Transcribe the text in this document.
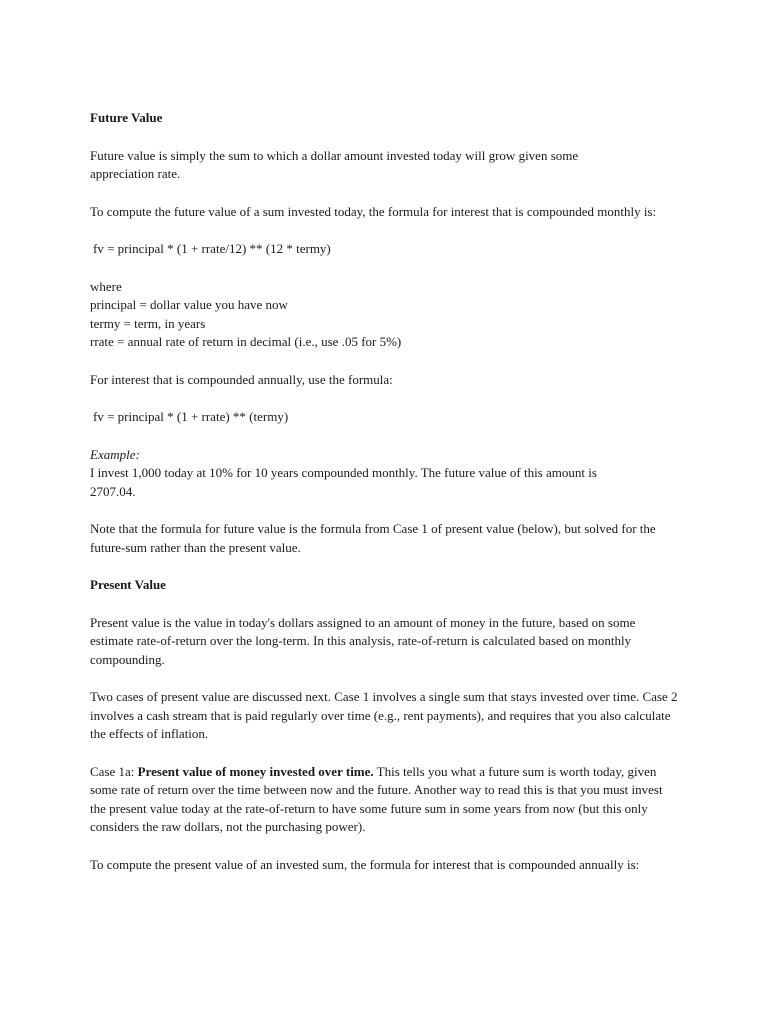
Future Value

Future value is simply the sum to which a dollar amount invested today will grow given some appreciation rate.

To compute the future value of a sum invested today, the formula for interest that is compounded monthly is:

fv = principal * (1 + rrate/12) ** (12 * termy)

where
principal = dollar value you have now
termy = term, in years
rrate = annual rate of return in decimal (i.e., use .05 for 5%)

For interest that is compounded annually, use the formula:

fv = principal * (1 + rrate) ** (termy)

Example:
I invest 1,000 today at 10% for 10 years compounded monthly. The future value of this amount is 2707.04.

Note that the formula for future value is the formula from Case 1 of present value (below), but solved for the future-sum rather than the present value.

Present Value

Present value is the value in today's dollars assigned to an amount of money in the future, based on some estimate rate-of-return over the long-term. In this analysis, rate-of-return is calculated based on monthly compounding.

Two cases of present value are discussed next. Case 1 involves a single sum that stays invested over time. Case 2 involves a cash stream that is paid regularly over time (e.g., rent payments), and requires that you also calculate the effects of inflation.

Case 1a: Present value of money invested over time. This tells you what a future sum is worth today, given some rate of return over the time between now and the future. Another way to read this is that you must invest the present value today at the rate-of-return to have some future sum in some years from now (but this only considers the raw dollars, not the purchasing power).

To compute the present value of an invested sum, the formula for interest that is compounded annually is:
